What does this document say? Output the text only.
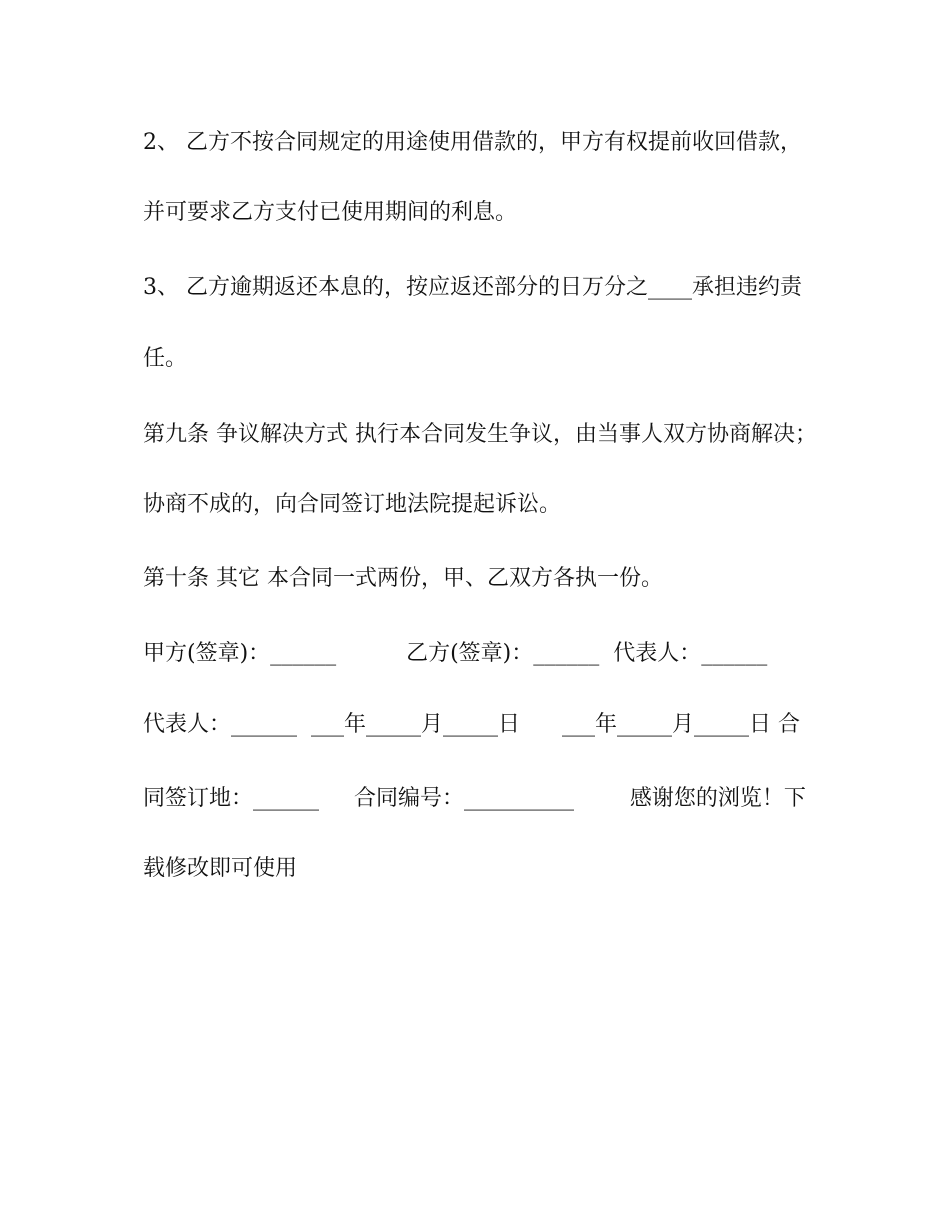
2、 乙方不按合同规定的用途使用借款的，甲方有权提前收回借款，
并可要求乙方支付已使用期间的利息。
3、 乙方逾期返还本息的，按应返还部分的日万分之____承担违约责
任。
第九条 争议解决方式 执行本合同发生争议，由当事人双方协商解决；
协商不成的，向合同签订地法院提起诉讼。
第十条 其它 本合同一式两份，甲、乙双方各执一份。
甲方(签章)：______          乙方(签章)：______  代表人：______
代表人：______  ___年_____月_____日      ___年_____月_____日 合
同签订地：______     合同编号：__________        感谢您的浏览！下
载修改即可使用
